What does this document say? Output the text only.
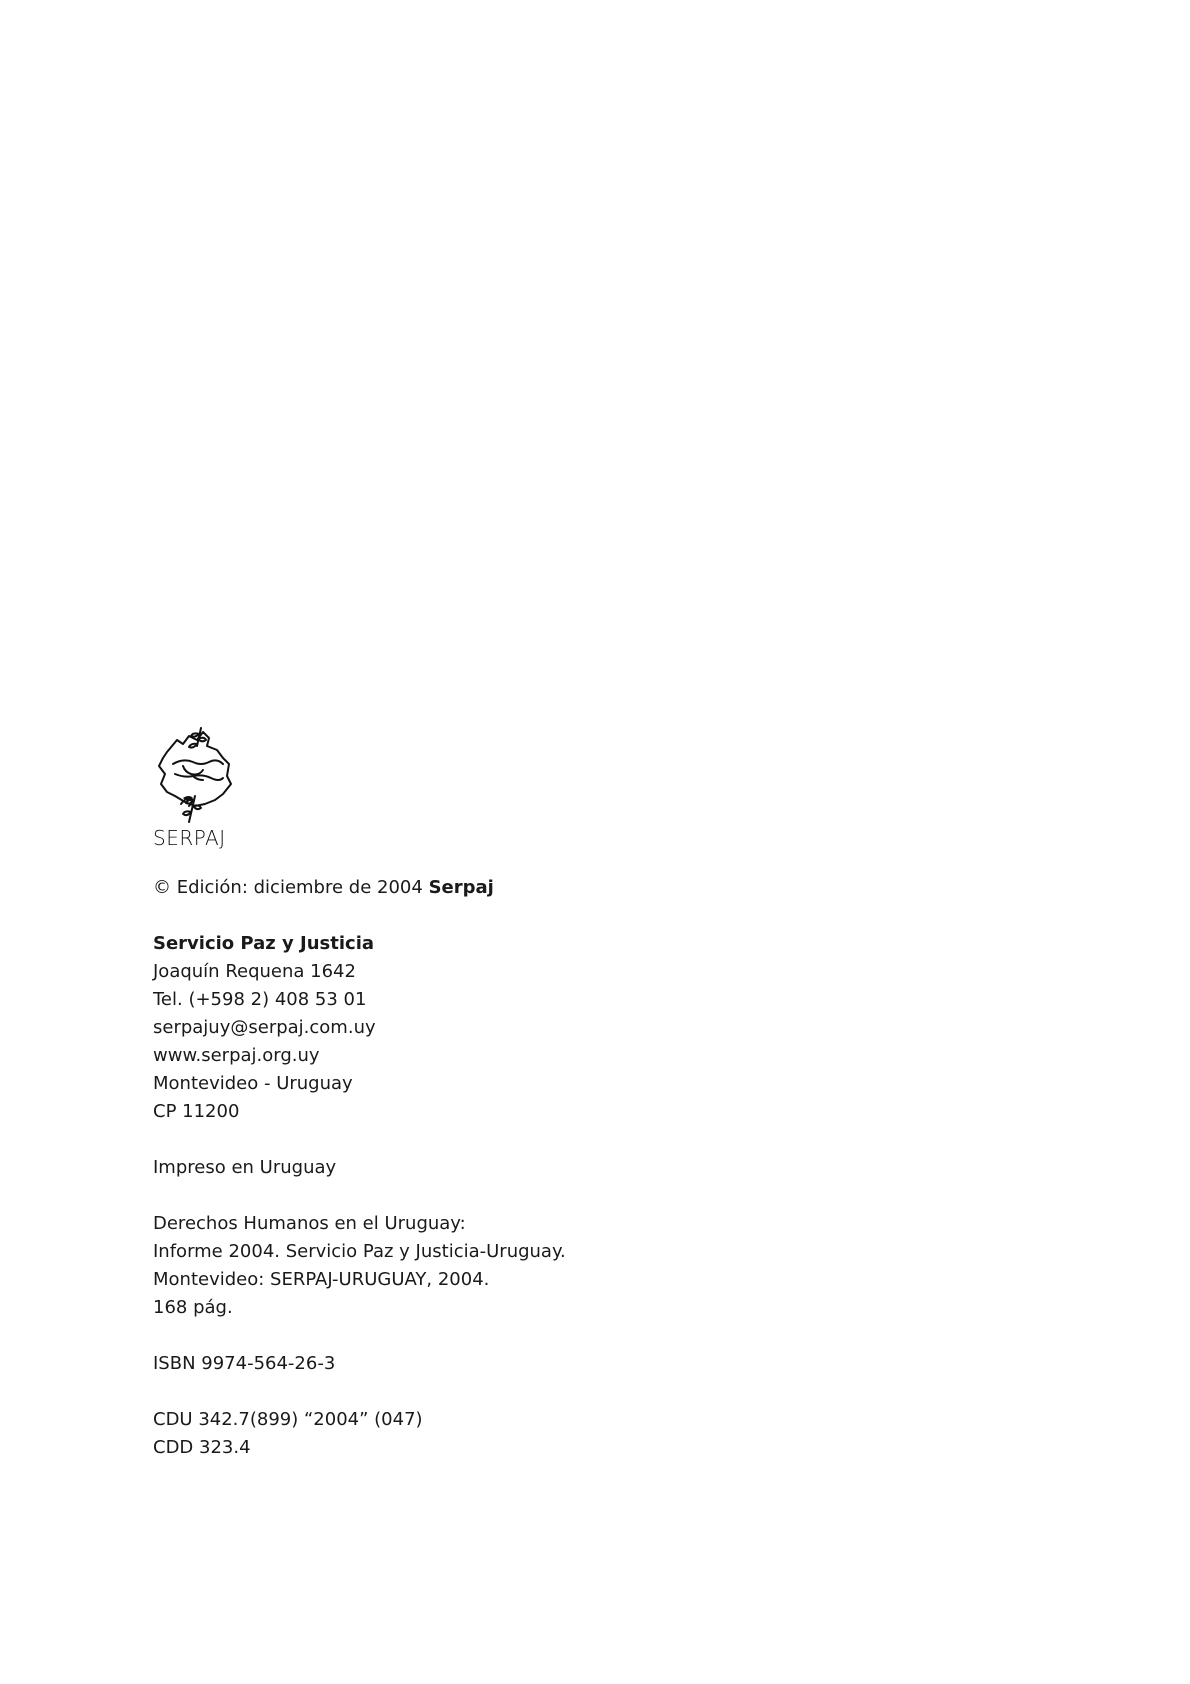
SERPAJ
© Edición: diciembre de 2004 Serpaj
Servicio Paz y Justicia
Joaquín Requena 1642
Tel. (+598 2) 408 53 01
serpajuy@serpaj.com.uy
www.serpaj.org.uy
Montevideo - Uruguay
CP 11200
Impreso en Uruguay
Derechos Humanos en el Uruguay:
Informe 2004. Servicio Paz y Justicia-Uruguay.
Montevideo: SERPAJ-URUGUAY, 2004.
168 pág.
ISBN 9974-564-26-3
CDU 342.7(899) “2004” (047)
CDD 323.4
